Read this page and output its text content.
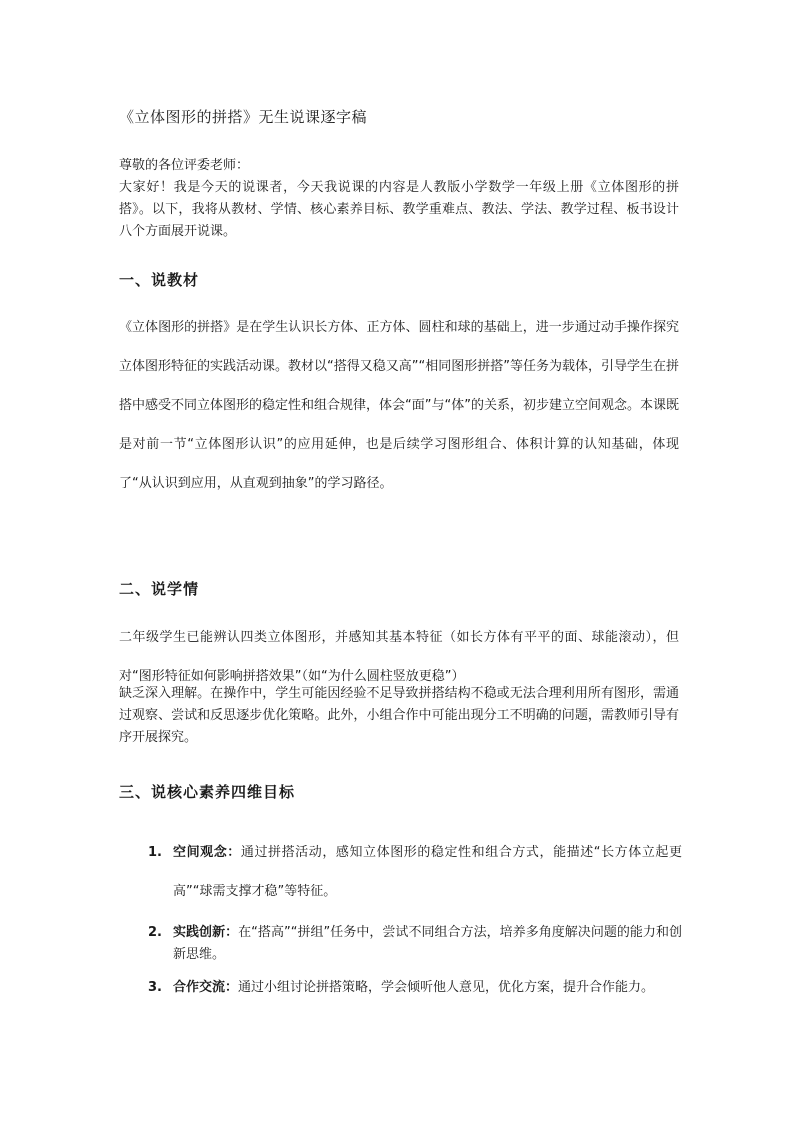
《立体图形的拼搭》无生说课逐字稿
尊敬的各位评委老师：
大家好！我是今天的说课者，今天我说课的内容是人教版小学数学一年级上册《立体图形的拼搭》。以下，我将从教材、学情、核心素养目标、教学重难点、教法、学法、教学过程、板书设计八个方面展开说课。
一、说教材
《立体图形的拼搭》是在学生认识长方体、正方体、圆柱和球的基础上，进一步通过动手操作探究立体图形特征的实践活动课。教材以“搭得又稳又高”“相同图形拼搭”等任务为载体，引导学生在拼搭中感受不同立体图形的稳定性和组合规律，体会“面”与“体”的关系，初步建立空间观念。本课既是对前一节“立体图形认识”的应用延伸，也是后续学习图形组合、体积计算的认知基础，体现了“从认识到应用，从直观到抽象”的学习路径。
二、说学情
二年级学生已能辨认四类立体图形，并感知其基本特征（如长方体有平平的面、球能滚动），但对“图形特征如何影响拼搭效果”（如“为什么圆柱竖放更稳”）
缺乏深入理解。在操作中，学生可能因经验不足导致拼搭结构不稳或无法合理利用所有图形，需通过观察、尝试和反思逐步优化策略。此外，小组合作中可能出现分工不明确的问题，需教师引导有序开展探究。
三、说核心素养四维目标
1. 空间观念：通过拼搭活动，感知立体图形的稳定性和组合方式，能描述“长方体立起更高”“球需支撑才稳”等特征。
2. 实践创新：在“搭高”“拼组”任务中，尝试不同组合方法，培养多角度解决问题的能力和创新思维。
3. 合作交流：通过小组讨论拼搭策略，学会倾听他人意见，优化方案，提升合作能力。
